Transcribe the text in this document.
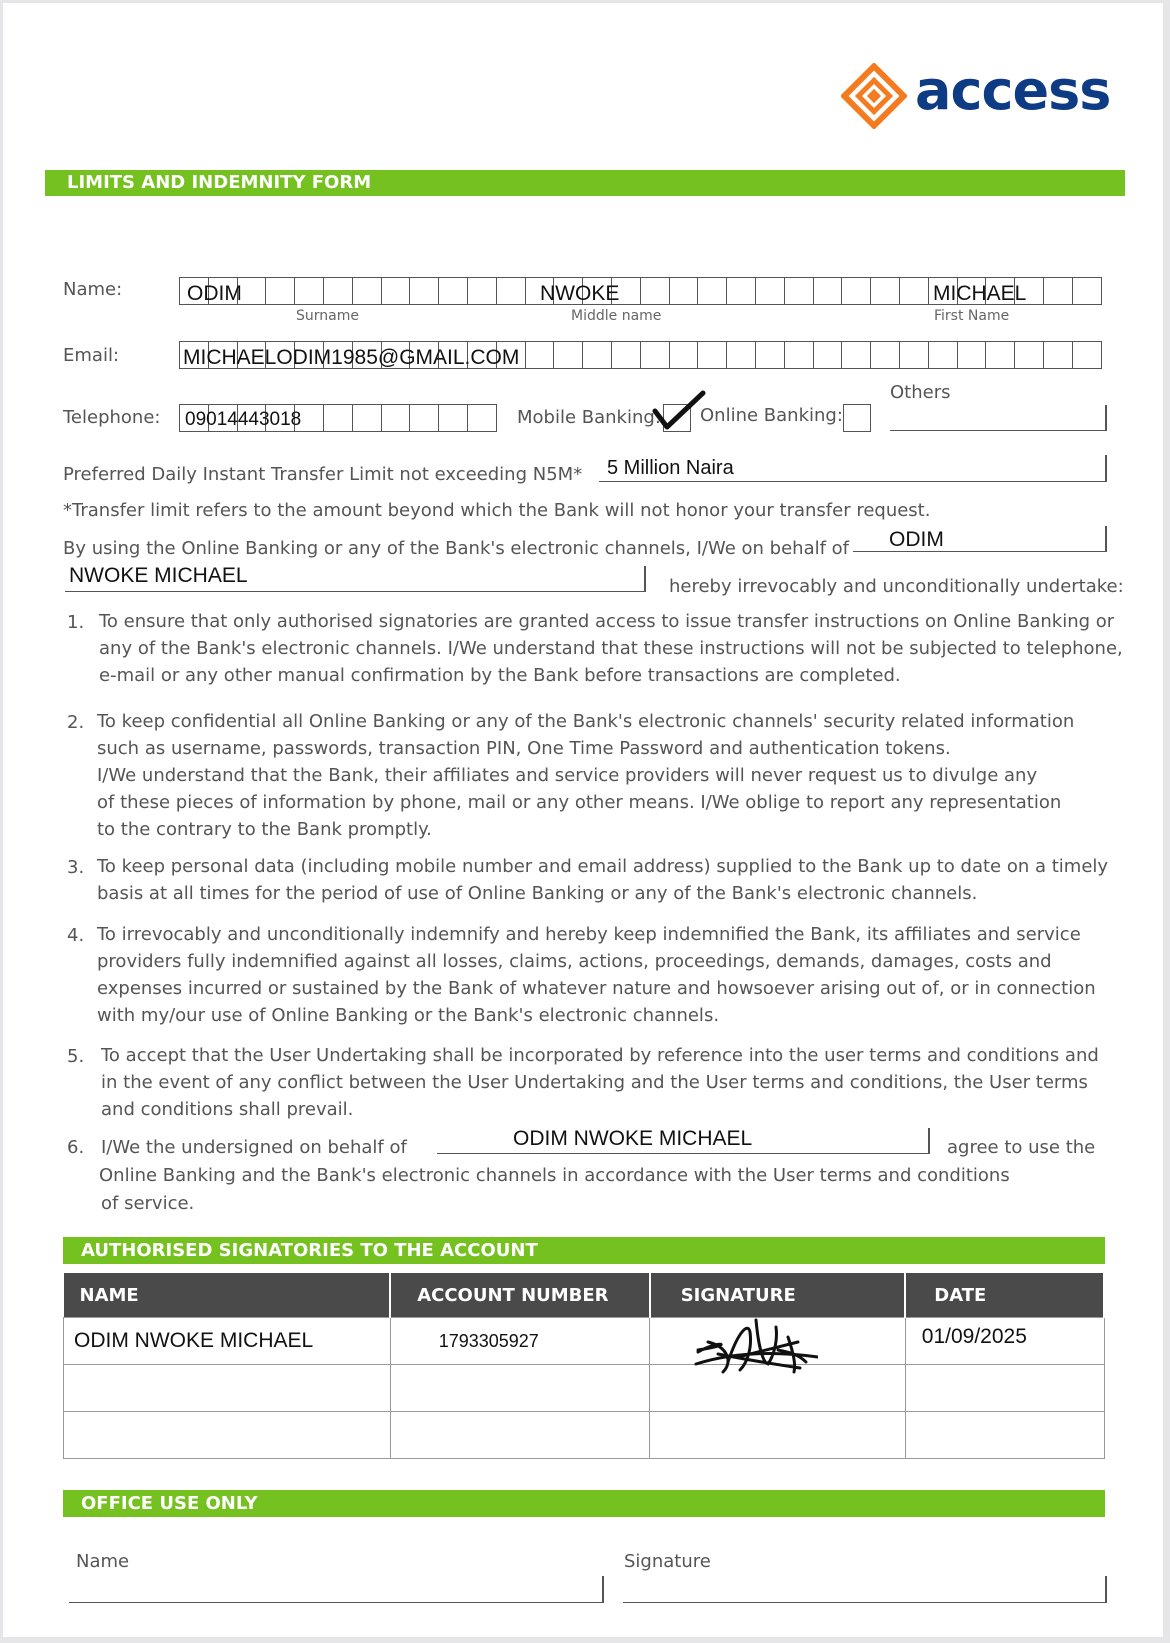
access
LIMITS AND INDEMNITY FORM
Name:	ODIM	NWOKE	MICHAEL
Surname	Middle name	First Name
Email:	MICHAELODIM1985@GMAIL.COM
Telephone: 09014443018	Mobile Banking: Online Banking:
Others
Preferred Daily Instant Transfer Limit not exceeding N5M* 5 Million Naira
*Transfer limit refers to the amount beyond which the Bank will not honor your transfer request.
By using the Online Banking or any of the Bank's electronic channels, I/We on behalf of ODIM
NWOKE MICHAEL	hereby irrevocably and unconditionally undertake:
1. To ensure that only authorised signatories are granted access to issue transfer instructions on Online Banking or
any of the Bank's electronic channels. I/We understand that these instructions will not be subjected to telephone,
e-mail or any other manual confirmation by the Bank before transactions are completed.
2. To keep confidential all Online Banking or any of the Bank's electronic channels' security related information
such as username, passwords, transaction PIN, One Time Password and authentication tokens.
I/We understand that the Bank, their affiliates and service providers will never request us to divulge any
of these pieces of information by phone, mail or any other means. I/We oblige to report any representation
to the contrary to the Bank promptly.
3. To keep personal data (including mobile number and email address) supplied to the Bank up to date on a timely
basis at all times for the period of use of Online Banking or any of the Bank's electronic channels.
4. To irrevocably and unconditionally indemnify and hereby keep indemnified the Bank, its affiliates and service
providers fully indemnified against all losses, claims, actions, proceedings, demands, damages, costs and
expenses incurred or sustained by the Bank of whatever nature and howsoever arising out of, or in connection
with my/our use of Online Banking or the Bank's electronic channels.
5. To accept that the User Undertaking shall be incorporated by reference into the user terms and conditions and
in the event of any conflict between the User Undertaking and the User terms and conditions, the User terms
and conditions shall prevail.
6. I/We the undersigned on behalf of	ODIM NWOKE MICHAEL	agree to use the
Online Banking and the Bank's electronic channels in accordance with the User terms and conditions
of service.
AUTHORISED SIGNATORIES TO THE ACCOUNT
NAME	ACCOUNT NUMBER	SIGNATURE	DATE
ODIM NWOKE MICHAEL	1793305927		01/09/2025

OFFICE USE ONLY
Name	Signature
